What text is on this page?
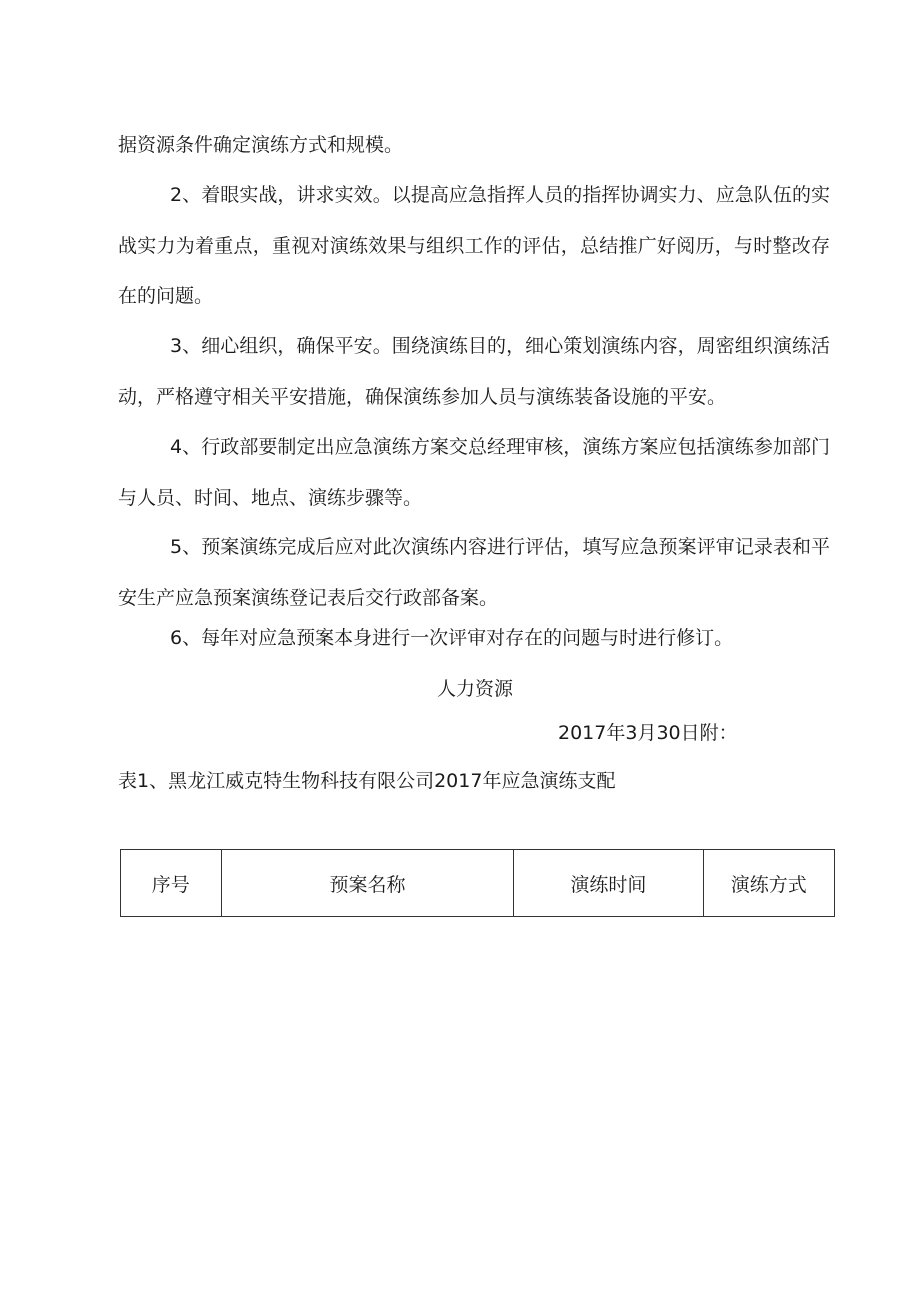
据资源条件确定演练方式和规模。

2、着眼实战，讲求实效。以提高应急指挥人员的指挥协调实力、应急队伍的实战实力为着重点，重视对演练效果与组织工作的评估，总结推广好阅历，与时整改存在的问题。

3、细心组织，确保平安。围绕演练目的，细心策划演练内容，周密组织演练活动，严格遵守相关平安措施，确保演练参加人员与演练装备设施的平安。

4、行政部要制定出应急演练方案交总经理审核，演练方案应包括演练参加部门与人员、时间、地点、演练步骤等。

5、预案演练完成后应对此次演练内容进行评估，填写应急预案评审记录表和平安生产应急预案演练登记表后交行政部备案。

6、每年对应急预案本身进行一次评审对存在的问题与时进行修订。

人力资源
2017年3月30日附：
表1、黑龙江威克特生物科技有限公司2017年应急演练支配
序号	预案名称	演练时间	演练方式
